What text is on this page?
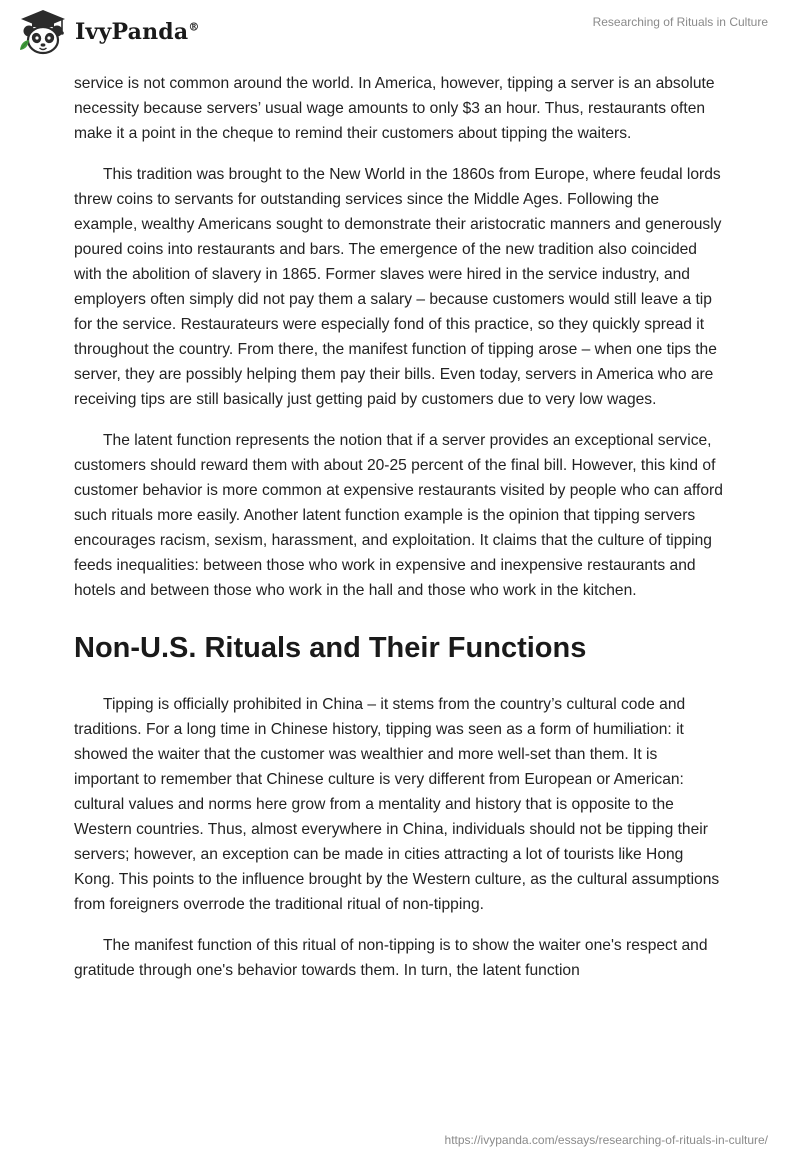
IvyPanda®	Researching of Rituals in Culture

service is not common around the world. In America, however, tipping a server is an absolute necessity because servers’ usual wage amounts to only $3 an hour. Thus, restaurants often make it a point in the cheque to remind their customers about tipping the waiters.

This tradition was brought to the New World in the 1860s from Europe, where feudal lords threw coins to servants for outstanding services since the Middle Ages. Following the example, wealthy Americans sought to demonstrate their aristocratic manners and generously poured coins into restaurants and bars. The emergence of the new tradition also coincided with the abolition of slavery in 1865. Former slaves were hired in the service industry, and employers often simply did not pay them a salary – because customers would still leave a tip for the service. Restaurateurs were especially fond of this practice, so they quickly spread it throughout the country. From there, the manifest function of tipping arose – when one tips the server, they are possibly helping them pay their bills. Even today, servers in America who are receiving tips are still basically just getting paid by customers due to very low wages.

The latent function represents the notion that if a server provides an exceptional service, customers should reward them with about 20-25 percent of the final bill. However, this kind of customer behavior is more common at expensive restaurants visited by people who can afford such rituals more easily. Another latent function example is the opinion that tipping servers encourages racism, sexism, harassment, and exploitation. It claims that the culture of tipping feeds inequalities: between those who work in expensive and inexpensive restaurants and hotels and between those who work in the hall and those who work in the kitchen.

Non-U.S. Rituals and Their Functions

Tipping is officially prohibited in China – it stems from the country’s cultural code and traditions. For a long time in Chinese history, tipping was seen as a form of humiliation: it showed the waiter that the customer was wealthier and more well-set than them. It is important to remember that Chinese culture is very different from European or American: cultural values and norms here grow from a mentality and history that is opposite to the Western countries. Thus, almost everywhere in China, individuals should not be tipping their servers; however, an exception can be made in cities attracting a lot of tourists like Hong Kong. This points to the influence brought by the Western culture, as the cultural assumptions from foreigners overrode the traditional ritual of non-tipping.

The manifest function of this ritual of non-tipping is to show the waiter one's respect and gratitude through one's behavior towards them. In turn, the latent function

https://ivypanda.com/essays/researching-of-rituals-in-culture/
